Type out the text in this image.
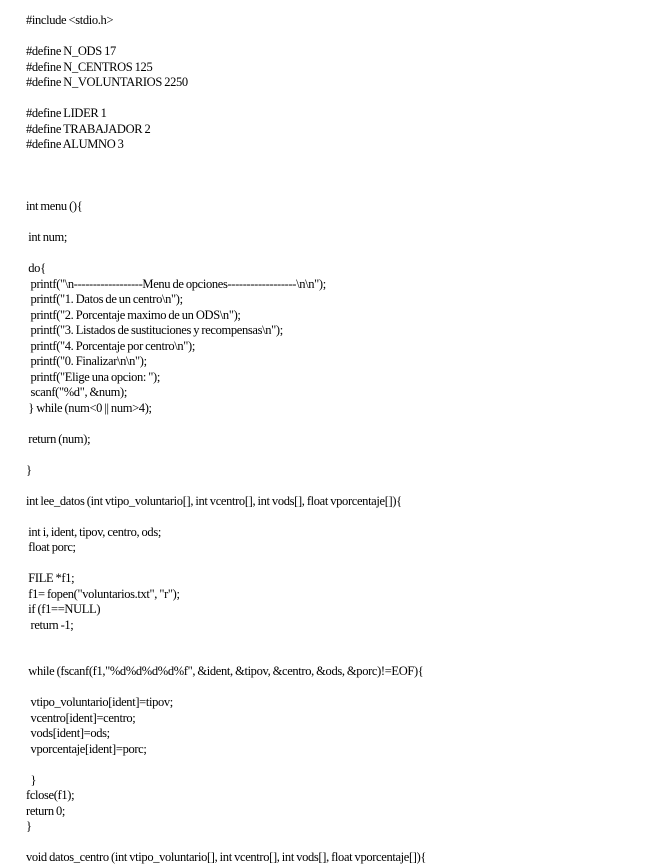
#include <stdio.h>
#define N_ODS 17
#define N_CENTROS 125
#define N_VOLUNTARIOS 2250
#define LIDER 1
#define TRABAJADOR 2
#define ALUMNO 3
int menu (){
int num;
do{
printf("\n------------------Menu de opciones------------------\n\n");
printf("1. Datos de un centro\n");
printf("2. Porcentaje maximo de un ODS\n");
printf("3. Listados de sustituciones y recompensas\n");
printf("4. Porcentaje por centro\n");
printf("0. Finalizar\n\n");
printf("Elige una opcion: ");
scanf("%d", &num);
} while (num<0 || num>4);
return (num);
}
int lee_datos (int vtipo_voluntario[], int vcentro[], int vods[], float vporcentaje[]){
int i, ident, tipov, centro, ods;
float porc;
FILE *f1;
f1= fopen("voluntarios.txt", "r");
if (f1==NULL)
return -1;
while (fscanf(f1,"%d%d%d%d%f", &ident, &tipov, &centro, &ods, &porc)!=EOF){
vtipo_voluntario[ident]=tipov;
vcentro[ident]=centro;
vods[ident]=ods;
vporcentaje[ident]=porc;
}
fclose(f1);
return 0;
}
void datos_centro (int vtipo_voluntario[], int vcentro[], int vods[], float vporcentaje[]){
